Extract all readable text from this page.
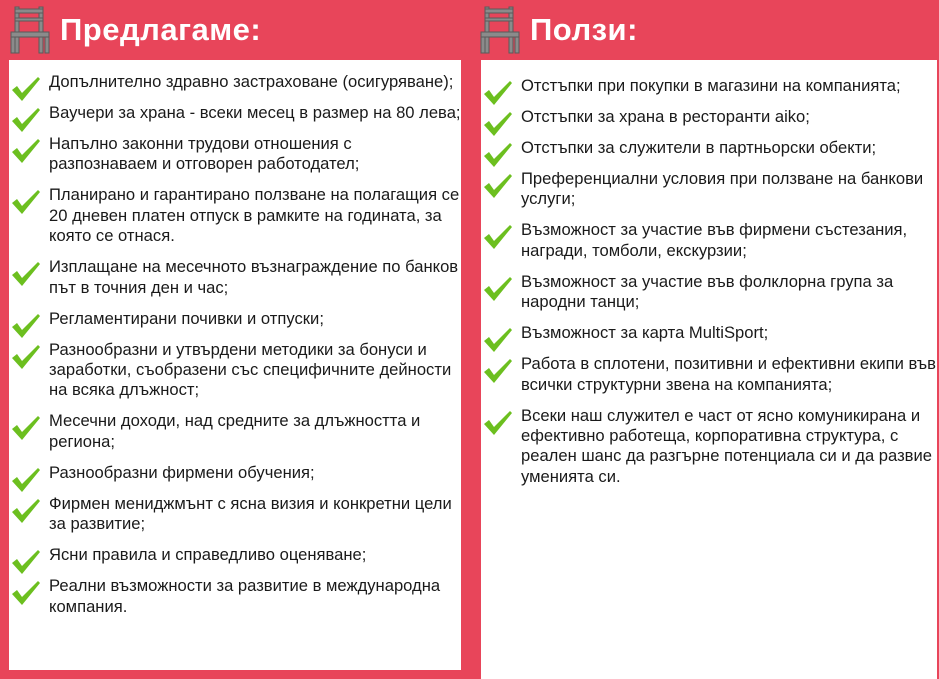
Предлагаме:
Допълнително здравно застраховане (осигуряване);
Ваучери за храна - всеки месец в размер на 80 лева;
Напълно законни трудови отношения с разпознаваем и отговорен работодател;
Планирано и гарантирано ползване на полагащия се 20 дневен платен отпуск в рамките на годината, за която се отнася.
Изплащане на месечното възнаграждение по банков път в точния ден и час;
Регламентирани почивки и отпуски;
Разнообразни и утвърдени методики за бонуси и заработки, съобразени със специфичните дейности на всяка длъжност;
Месечни доходи, над средните за длъжността и региона;
Разнообразни фирмени обучения;
Фирмен мениджмънт с ясна визия и конкретни цели за развитие;
Ясни правила и справедливо оценяване;
Реални възможности за развитие в международна компания.
Ползи:
Отстъпки при покупки в магазини на компанията;
Отстъпки за храна в ресторанти aiko;
Отстъпки за служители в партньорски обекти;
Преференциални условия при ползване на банкови услуги;
Възможност за участие във фирмени състезания, награди, томболи, екскурзии;
Възможност за участие във фолклорна група за народни танци;
Възможност за карта MultiSport;
Работа в сплотени, позитивни и ефективни екипи във всички структурни звена на компанията;
Всеки наш служител е част от ясно комуникирана и ефективно работеща, корпоративна структура, с реален шанс да разгърне потенциала си и да развие уменията си.
